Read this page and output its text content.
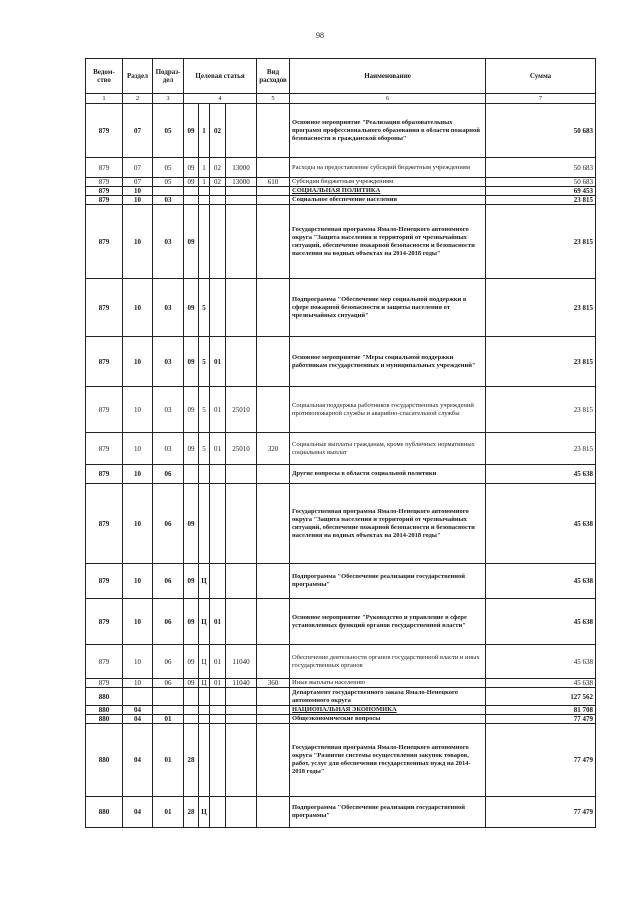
98
Ведом-ство	Раздел	Подраз-дел	Целевая статья				Вид расходов	Наименование	Сумма
1	2	3	4				5	6	7
879	07	05	09	1	02			Основное мероприятие "Реализация образовательных программ профессионального образования в области пожарной безопасности и гражданской обороны"	50 683
879	07	05	09	1	02	13000		Расходы на предоставление субсидий бюджетным учреждениям	50 683
879	07	05	09	1	02	13000	610	Субсидии бюджетным учреждениям	50 683
879	10							СОЦИАЛЬНАЯ ПОЛИТИКА	69 453
879	10	03						Социальное обеспечение населения	23 815
879	10	03	09					Государственная программа Ямало-Ненецкого автономного округа "Защита населения и территорий от чрезвычайных ситуаций, обеспечение пожарной безопасности и безопасности населения на водных объектах на 2014-2018 годы"	23 815
879	10	03	09	5				Подпрограмма "Обеспечение мер социальной поддержки в сфере пожарной безопасности и защиты населения от чрезвычайных ситуаций"	23 815
879	10	03	09	5	01			Основное мероприятие "Меры социальной поддержки работникам государственных и муниципальных учреждений"	23 815
879	10	03	09	5	01	25010		Социальная поддержка работников государственных учреждений противопожарной службы и аварийно-спасательной службы	23 815
879	10	03	09	5	01	25010	320	Социальные выплаты гражданам, кроме публичных нормативных социальных выплат	23 815
879	10	06						Другие вопросы в области социальной политики	45 638
879	10	06	09					Государственная программа Ямало-Ненецкого автономного округа "Защита населения и территорий от чрезвычайных ситуаций, обеспечение пожарной безопасности и безопасности населения на водных объектах на 2014-2018 годы"	45 638
879	10	06	09	Ц				Подпрограмма "Обеспечение реализации государственной программы"	45 638
879	10	06	09	Ц	01			Основное мероприятие "Руководство и управление в сфере установленных функций органов государственной власти"	45 638
879	10	06	09	Ц	01	11040		Обеспечение деятельности органов государственной власти и иных государственных органов	45 638
879	10	06	09	Ц	01	11040	360	Иные выплаты населению	45 638
880								Департамент государственного заказа Ямало-Ненецкого автономного округа	127 562
880	04							НАЦИОНАЛЬНАЯ ЭКОНОМИКА	81 708
880	04	01						Общеэкономические вопросы	77 479
880	04	01	28					Государственная программа Ямало-Ненецкого автономного округа "Развитие системы осуществления закупок товаров, работ, услуг для обеспечения государственных нужд на 2014-2018 годы"	77 479
880	04	01	28	Ц				Подпрограмма "Обеспечение реализации государственной программы"	77 479
